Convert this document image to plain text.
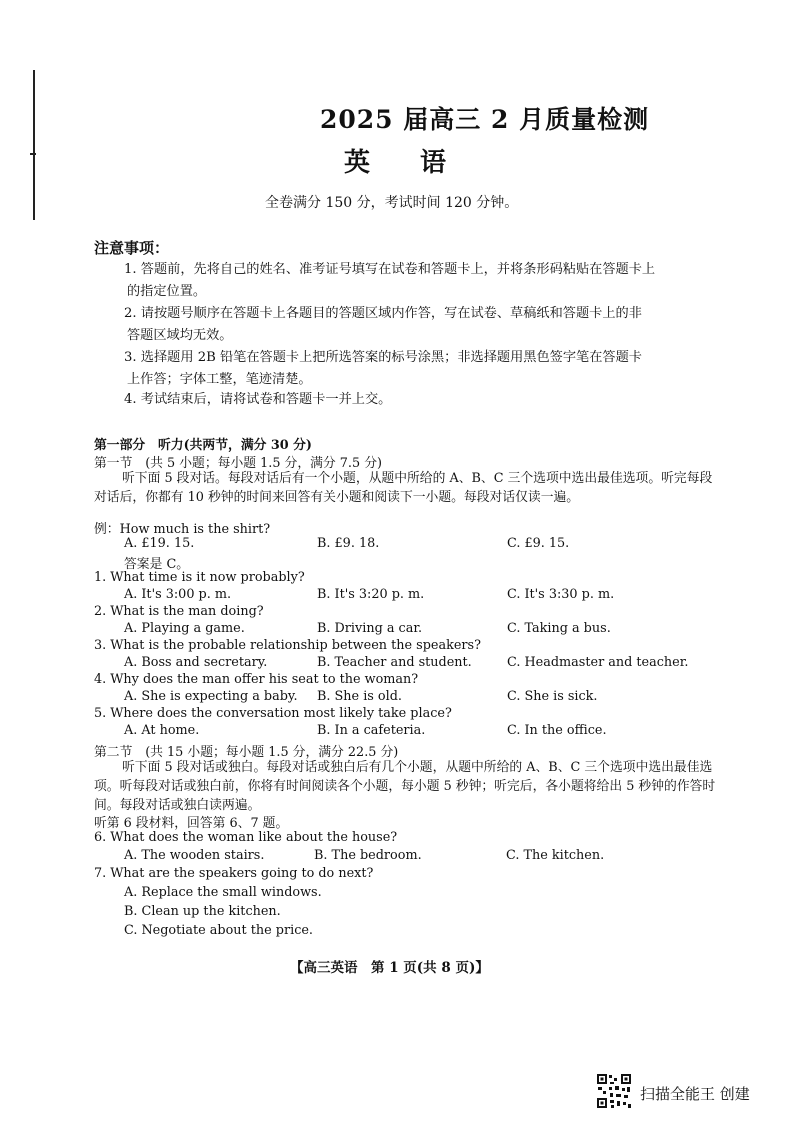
2025 届高三 2 月质量检测
英 语
全卷满分 150 分，考试时间 120 分钟。
注意事项：
1. 答题前，先将自己的姓名、准考证号填写在试卷和答题卡上，并将条形码粘贴在答题卡上
的指定位置。
2. 请按题号顺序在答题卡上各题目的答题区域内作答，写在试卷、草稿纸和答题卡上的非
答题区域均无效。
3. 选择题用 2B 铅笔在答题卡上把所选答案的标号涂黑；非选择题用黑色签字笔在答题卡
上作答；字体工整，笔迹清楚。
4. 考试结束后，请将试卷和答题卡一并上交。
第一部分　听力(共两节，满分 30 分)
第一节　(共 5 小题；每小题 1.5 分，满分 7.5 分)
听下面 5 段对话。每段对话后有一个小题，从题中所给的 A、B、C 三个选项中选出最佳选项。听完每段对话后，你都有 10 秒钟的时间来回答有关小题和阅读下一小题。每段对话仅读一遍。
例：How much is the shirt?
A. £19. 15.	B. £9. 18.	C. £9. 15.
答案是 C。
1. What time is it now probably?
A. It's 3:00 p. m.	B. It's 3:20 p. m.	C. It's 3:30 p. m.
2. What is the man doing?
A. Playing a game.	B. Driving a car.	C. Taking a bus.
3. What is the probable relationship between the speakers?
A. Boss and secretary.	B. Teacher and student.	C. Headmaster and teacher.
4. Why does the man offer his seat to the woman?
A. She is expecting a baby. B. She is old.	C. She is sick.
5. Where does the conversation most likely take place?
A. At home.	B. In a cafeteria.	C. In the office.
第二节　(共 15 小题；每小题 1.5 分，满分 22.5 分)
听下面 5 段对话或独白。每段对话或独白后有几个小题，从题中所给的 A、B、C 三个选项中选出最佳选项。听每段对话或独白前，你将有时间阅读各个小题，每小题 5 秒钟；听完后，各小题将给出 5 秒钟的作答时间。每段对话或独白读两遍。
听第 6 段材料，回答第 6、7 题。
6. What does the woman like about the house?
A. The wooden stairs.	B. The bedroom.	C. The kitchen.
7. What are the speakers going to do next?
A. Replace the small windows.
B. Clean up the kitchen.
C. Negotiate about the price.
【高三英语　第 1 页(共 8 页)】
扫描全能王 创建
